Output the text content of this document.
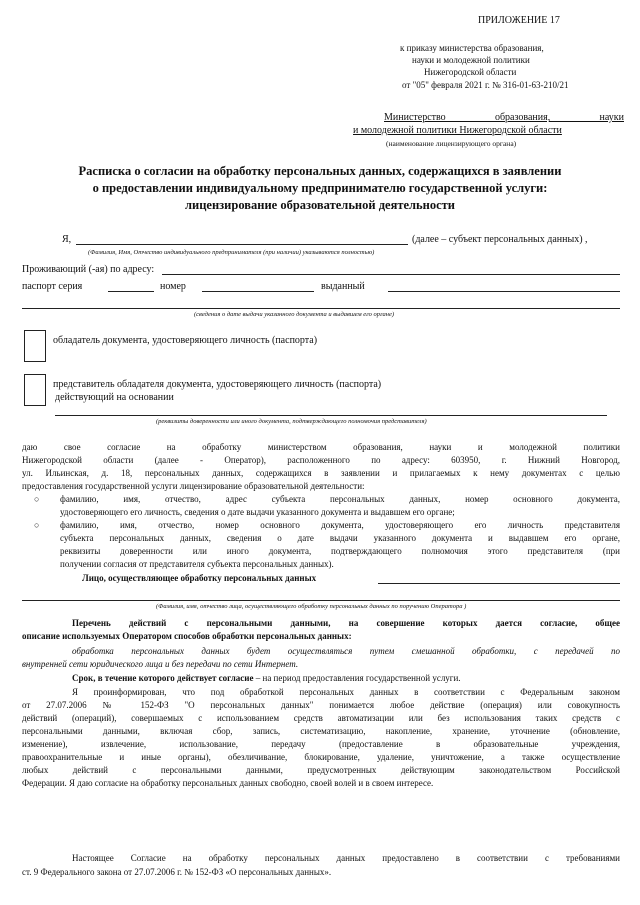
ПРИЛОЖЕНИЕ 17
к приказу министерства образования,
науки и молодежной политики
Нижегородской области
от "05" февраля 2021 г. № 316-01-63-210/21
Министерство образования, науки
и молодежной политики Нижегородской области
(наименование лицензирующего органа)
Расписка о согласии на обработку персональных данных, содержащихся в заявлении
о предоставлении индивидуальному предпринимателю государственной услуги:
лицензирование образовательной деятельности
Я,	(далее – субъект персональных данных) ,
(Фамилия, Имя, Отчество индивидуального предпринимателя (при наличии) указываются полностью)
Проживающий (-ая) по адресу:
паспорт серия	номер	выданный
(сведения о дате выдачи указанного документа и выдавшем его органе)
обладатель документа, удостоверяющего личность (паспорта)
представитель обладателя документа, удостоверяющего личность (паспорта)
действующий на основании
(реквизиты доверенности или иного документа, подтверждающего полномочия представителя)
даю свое согласие на обработку министерством образования, науки и молодежной политики
Нижегородской области (далее - Оператор), расположенного по адресу: 603950, г. Нижний Новгород,
ул. Ильинская, д. 18, персональных данных, содержащихся в заявлении и прилагаемых к нему документах с целью
предоставления государственной услуги лицензирование образовательной деятельности:
○ фамилию, имя, отчество, адрес субъекта персональных данных, номер основного документа,
удостоверяющего его личность, сведения о дате выдачи указанного документа и выдавшем его органе;
○ фамилию, имя, отчество, номер основного документа, удостоверяющего его личность представителя
субъекта персональных данных, сведения о дате выдачи указанного документа и выдавшем его органе,
реквизиты доверенности или иного документа, подтверждающего полномочия этого представителя (при
получении согласия от представителя субъекта персональных данных).
Лицо, осуществляющее обработку персональных данных
(Фамилия, имя, отчество лица, осуществляющего обработку персональных данных по поручению Оператора )
Перечень действий с персональными данными, на совершение которых дается согласие, общее
описание используемых Оператором способов обработки персональных данных:
обработка персональных данных будет осуществляться путем смешанной обработки, с передачей по
внутренней сети юридического лица и без передачи по сети Интернет.
Срок, в течение которого действует согласие – на период предоставления государственной услуги.
Я проинформирован, что под обработкой персональных данных в соответствии с Федеральным законом
от 27.07.2006 № 152-ФЗ "О персональных данных" понимается любое действие (операция) или совокупность
действий (операций), совершаемых с использованием средств автоматизации или без использования таких средств с
персональными данными, включая сбор, запись, систематизацию, накопление, хранение, уточнение (обновление,
изменение), извлечение, использование, передачу (предоставление в образовательные учреждения,
правоохранительные и иные органы), обезличивание, блокирование, удаление, уничтожение, а также осуществление
любых действий с персональными данными, предусмотренных действующим законодательством Российской
Федерации. Я даю согласие на обработку персональных данных свободно, своей волей и в своем интересе.
Настоящее Согласие на обработку персональных данных предоставлено в соответствии с требованиями
ст. 9 Федерального закона от 27.07.2006 г. № 152-ФЗ «О персональных данных».
